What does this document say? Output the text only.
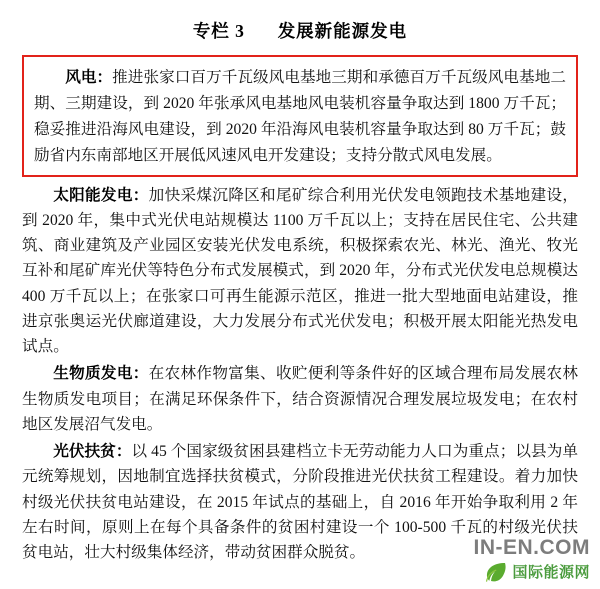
专栏 3 发展新能源发电

风电：推进张家口百万千瓦级风电基地三期和承德百万千瓦级风电基地二期、三期建设，到 2020 年张承风电基地风电装机容量争取达到 1800 万千瓦；稳妥推进沿海风电建设，到 2020 年沿海风电装机容量争取达到 80 万千瓦；鼓励省内东南部地区开展低风速风电开发建设；支持分散式风电发展。

太阳能发电：加快采煤沉降区和尾矿综合利用光伏发电领跑技术基地建设，到 2020 年，集中式光伏电站规模达 1100 万千瓦以上；支持在居民住宅、公共建筑、商业建筑及产业园区安装光伏发电系统，积极探索农光、林光、渔光、牧光互补和尾矿库光伏等特色分布式发展模式，到 2020 年，分布式光伏发电总规模达 400 万千瓦以上；在张家口可再生能源示范区，推进一批大型地面电站建设，推进京张奥运光伏廊道建设，大力发展分布式光伏发电；积极开展太阳能光热发电试点。

生物质发电：在农林作物富集、收贮便利等条件好的区域合理布局发展农林生物质发电项目；在满足环保条件下，结合资源情况合理发展垃圾发电；在农村地区发展沼气发电。

光伏扶贫：以 45 个国家级贫困县建档立卡无劳动能力人口为重点；以县为单元统筹规划，因地制宜选择扶贫模式，分阶段推进光伏扶贫工程建设。着力加快村级光伏扶贫电站建设，在 2015 年试点的基础上，自 2016 年开始争取利用 2 年左右时间，原则上在每个具备条件的贫困村建设一个 100-500 千瓦的村级光伏扶贫电站，壮大村级集体经济，带动贫困群众脱贫。	IN-EN.COM
国际能源网
